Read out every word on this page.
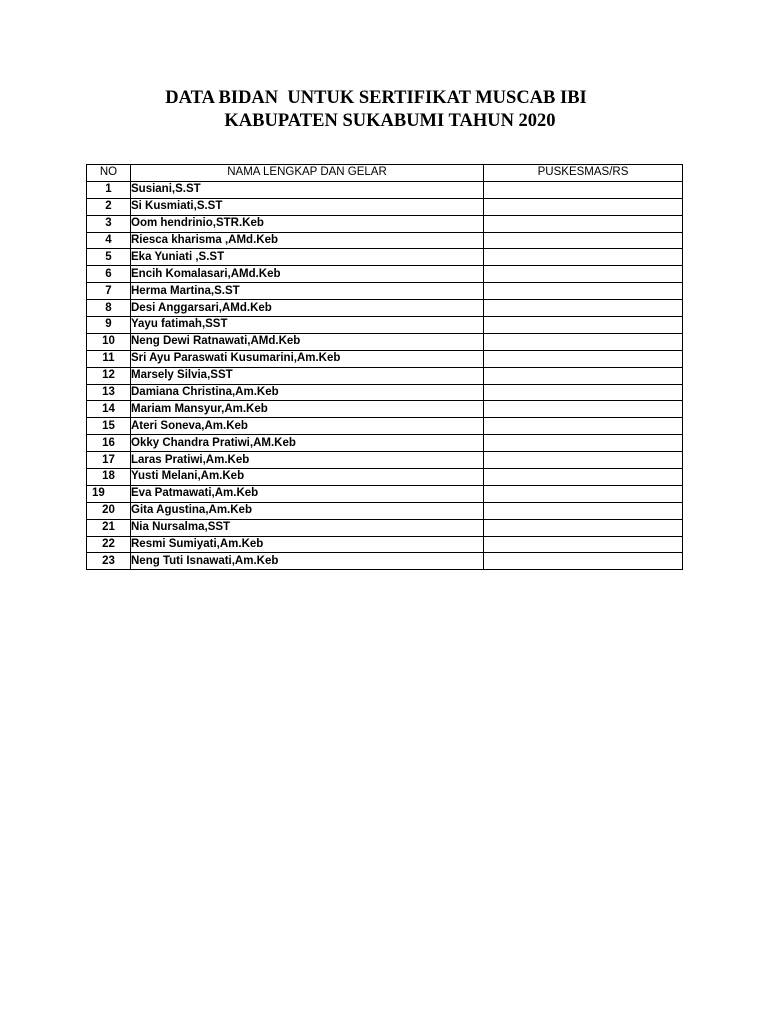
DATA BIDAN  UNTUK SERTIFIKAT MUSCAB IBI
KABUPATEN SUKABUMI TAHUN 2020
NO	NAMA LENGKAP DAN GELAR	PUSKESMAS/RS
1	Susiani,S.ST	
2	Si Kusmiati,S.ST	
3	Oom hendrinio,STR.Keb	
4	Riesca kharisma ,AMd.Keb	
5	Eka Yuniati ,S.ST	
6	Encih Komalasari,AMd.Keb	
7	Herma Martina,S.ST	
8	Desi Anggarsari,AMd.Keb	
9	Yayu fatimah,SST	
10	Neng Dewi Ratnawati,AMd.Keb	
11	Sri Ayu Paraswati Kusumarini,Am.Keb	
12	Marsely Silvia,SST	
13	Damiana Christina,Am.Keb	
14	Mariam Mansyur,Am.Keb	
15	Ateri Soneva,Am.Keb	
16	Okky Chandra Pratiwi,AM.Keb	
17	Laras Pratiwi,Am.Keb	
18	Yusti Melani,Am.Keb	
19	Eva Patmawati,Am.Keb	
20	Gita Agustina,Am.Keb	
21	Nia Nursalma,SST	
22	Resmi Sumiyati,Am.Keb	
23	Neng Tuti Isnawati,Am.Keb	
